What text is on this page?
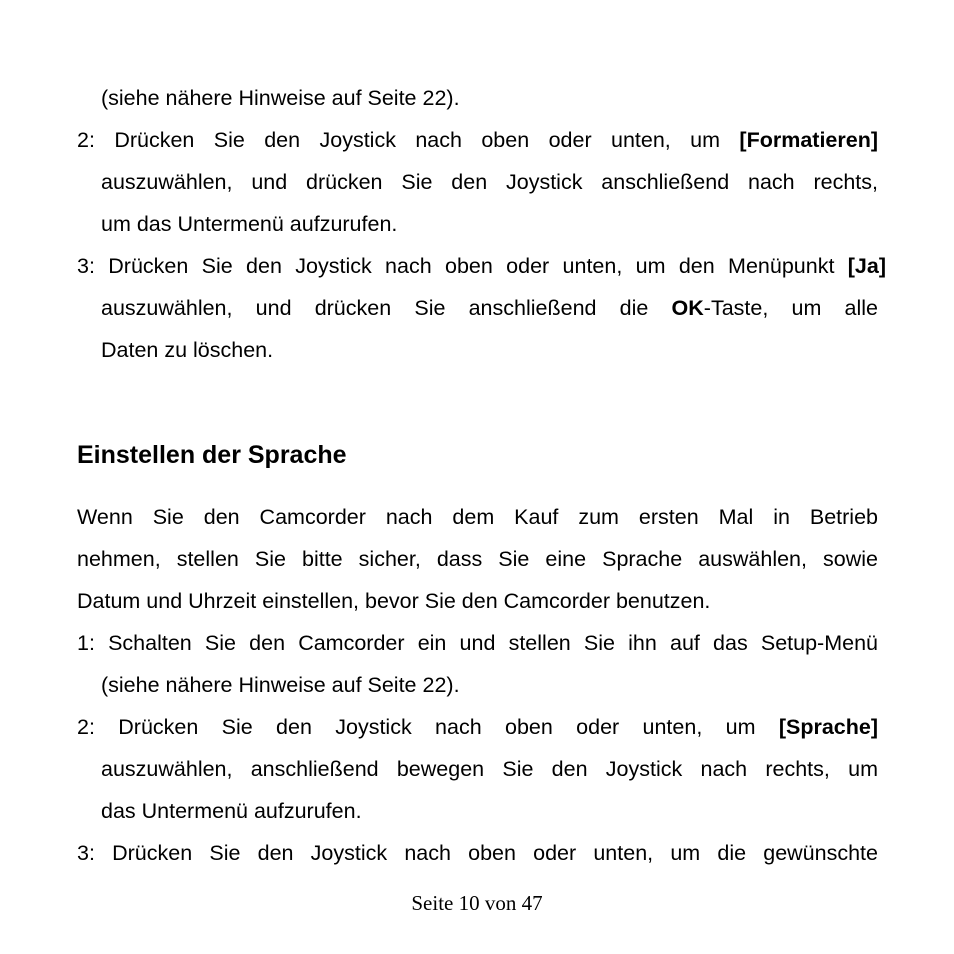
(siehe nähere Hinweise auf Seite 22).
2: Drücken Sie den Joystick nach oben oder unten, um [Formatieren]
auszuwählen, und drücken Sie den Joystick anschließend nach rechts,
um das Untermenü aufzurufen.
3: Drücken Sie den Joystick nach oben oder unten, um den Menüpunkt [Ja]
auszuwählen, und drücken Sie anschließend die OK-Taste, um alle
Daten zu löschen.
Einstellen der Sprache
Wenn Sie den Camcorder nach dem Kauf zum ersten Mal in Betrieb
nehmen, stellen Sie bitte sicher, dass Sie eine Sprache auswählen, sowie
Datum und Uhrzeit einstellen, bevor Sie den Camcorder benutzen.
1: Schalten Sie den Camcorder ein und stellen Sie ihn auf das Setup-Menü
(siehe nähere Hinweise auf Seite 22).
2: Drücken Sie den Joystick nach oben oder unten, um [Sprache]
auszuwählen, anschließend bewegen Sie den Joystick nach rechts, um
das Untermenü aufzurufen.
3: Drücken Sie den Joystick nach oben oder unten, um die gewünschte
Seite 10 von 47
